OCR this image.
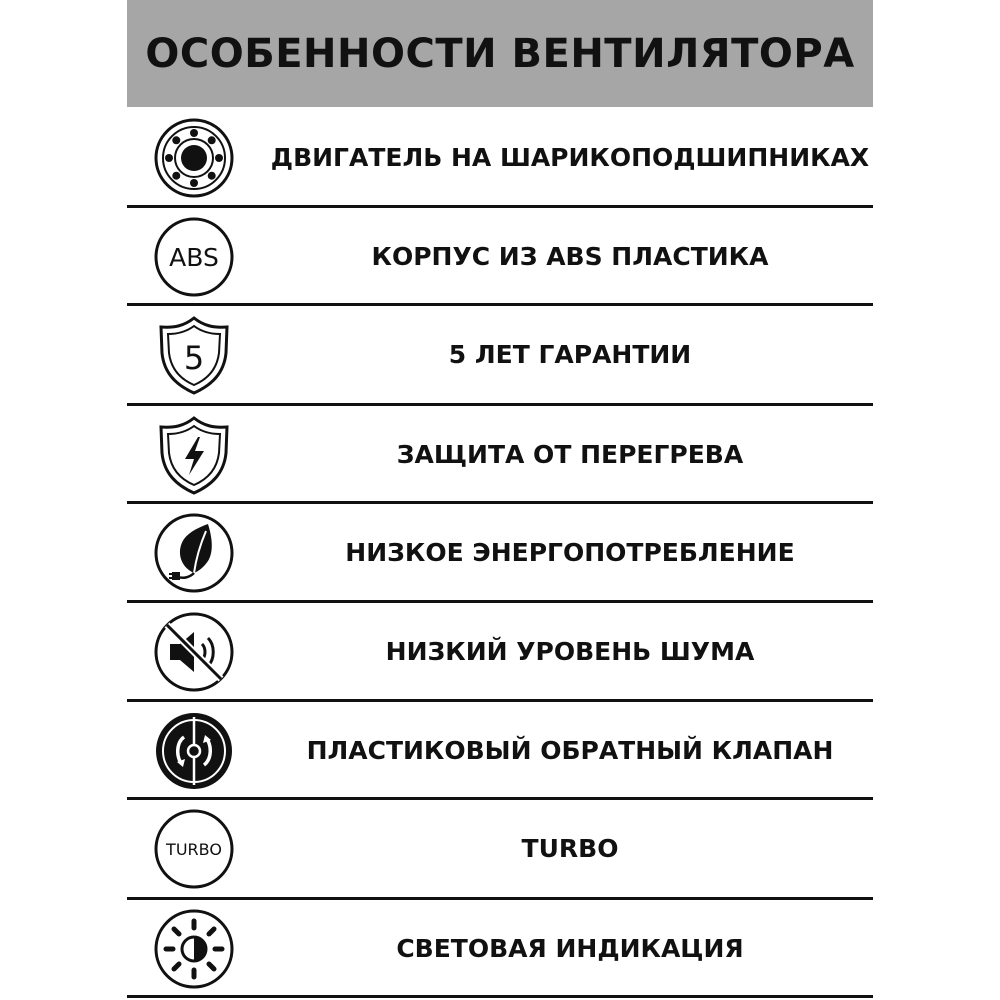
ОСОБЕННОСТИ ВЕНТИЛЯТОРА
ДВИГАТЕЛЬ НА ШАРИКОПОДШИПНИКАХ
ABS	КОРПУС ИЗ ABS ПЛАСТИКА
5	5 ЛЕТ ГАРАНТИИ
ЗАЩИТА ОТ ПЕРЕГРЕВА
НИЗКОЕ ЭНЕРГОПОТРЕБЛЕНИЕ
НИЗКИЙ УРОВЕНЬ ШУМА
ПЛАСТИКОВЫЙ ОБРАТНЫЙ КЛАПАН
TURBO	TURBO
СВЕТОВАЯ ИНДИКАЦИЯ
